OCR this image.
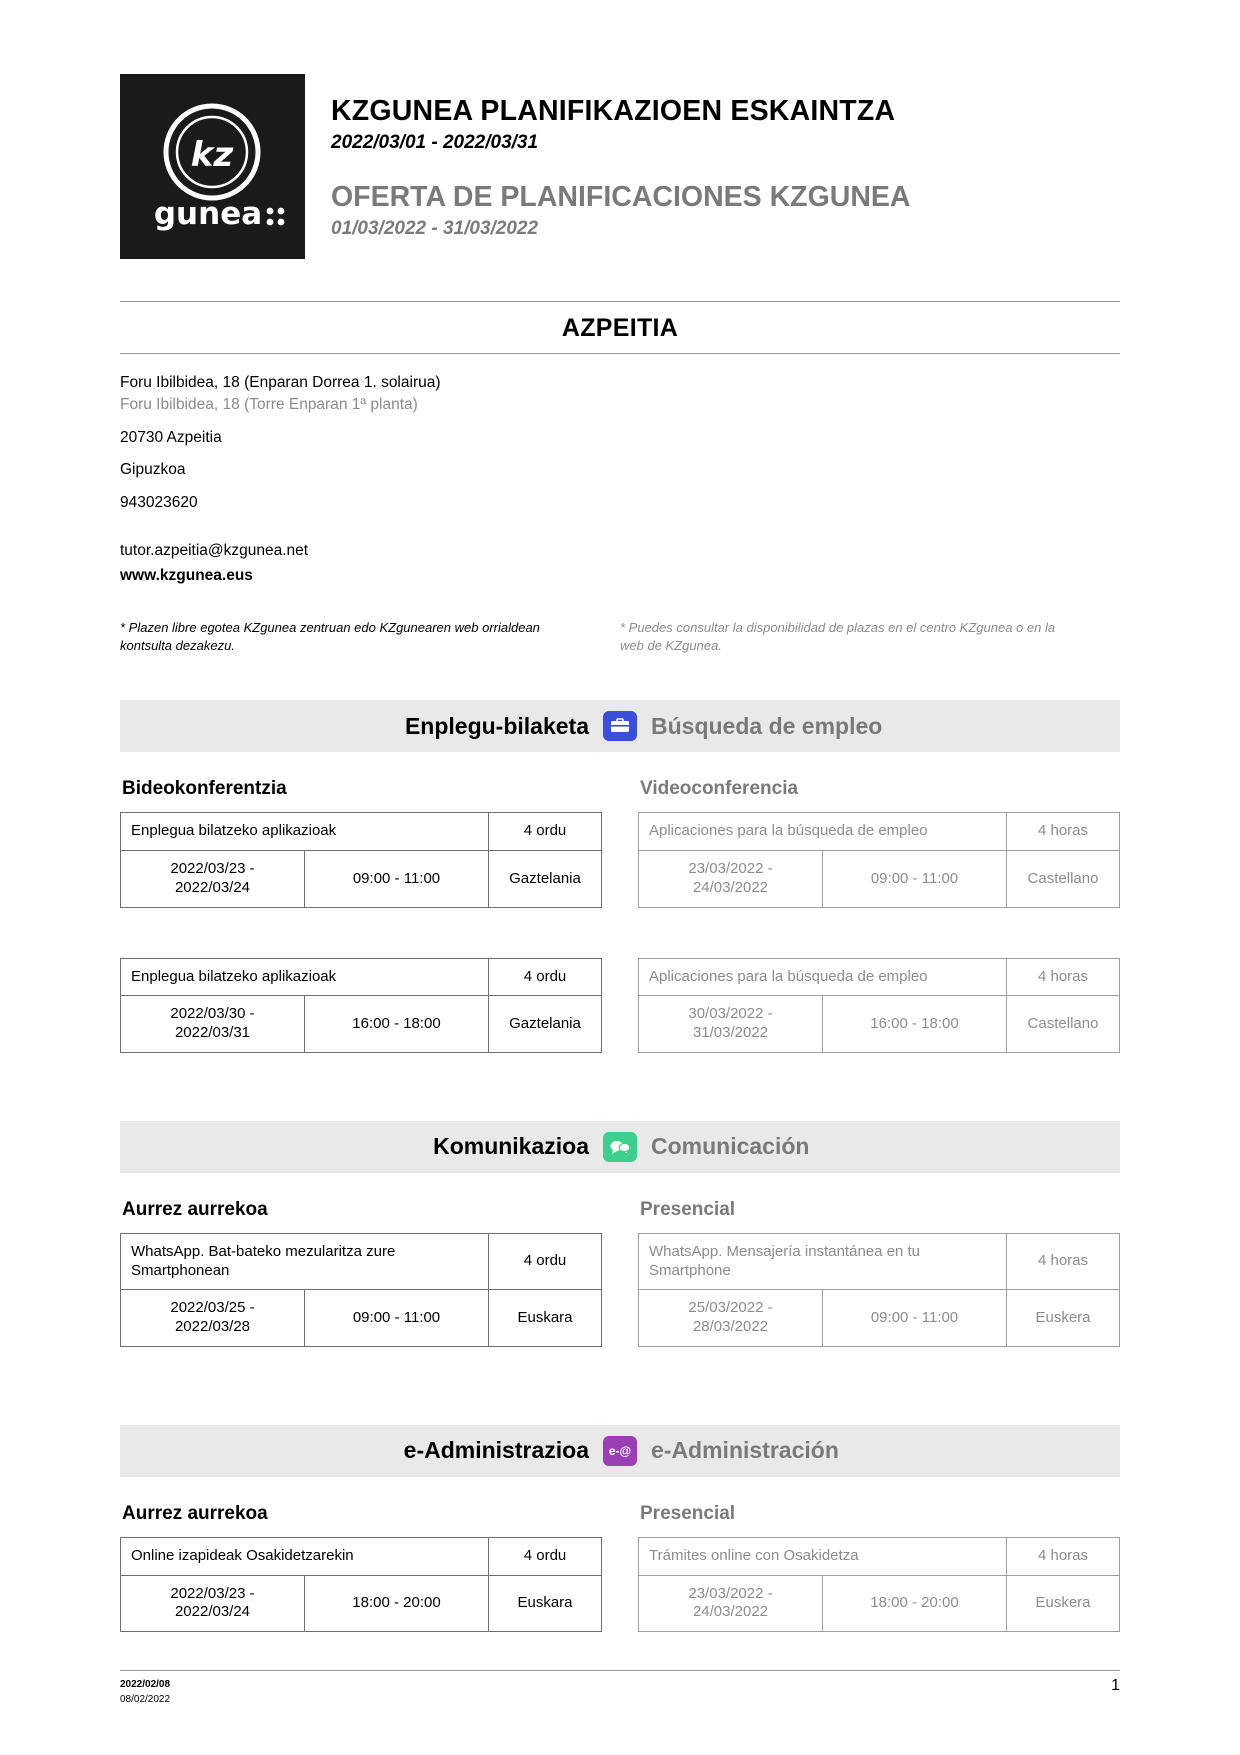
kz
gunea
KZGUNEA PLANIFIKAZIOEN ESKAINTZA
2022/03/01 - 2022/03/31
OFERTA DE PLANIFICACIONES KZGUNEA
01/03/2022 - 31/03/2022
AZPEITIA
Foru Ibilbidea, 18 (Enparan Dorrea 1. solairua)
Foru Ibilbidea, 18 (Torre Enparan 1ª planta)
20730 Azpeitia
Gipuzkoa
943023620
tutor.azpeitia@kzgunea.net
www.kzgunea.eus
* Plazen libre egotea KZgunea zentruan edo KZgunearen web orrialdean kontsulta dezakezu.
* Puedes consultar la disponibilidad de plazas en el centro KZgunea o en la web de KZgunea.
Enplegu-bilaketa	Búsqueda de empleo
Bideokonferentzia
Enplegua bilatzeko aplikazioak		4 ordu
2022/03/23 - 2022/03/24	09:00 - 11:00	Gaztelania
Enplegua bilatzeko aplikazioak		4 ordu
2022/03/30 - 2022/03/31	16:00 - 18:00	Gaztelania
Videoconferencia
Aplicaciones para la búsqueda de empleo		4 horas
23/03/2022 - 24/03/2022	09:00 - 11:00	Castellano
Aplicaciones para la búsqueda de empleo		4 horas
30/03/2022 - 31/03/2022	16:00 - 18:00	Castellano
Komunikazioa	Comunicación
Aurrez aurrekoa
WhatsApp. Bat-bateko mezularitza zure Smartphonean		4 ordu
2022/03/25 - 2022/03/28	09:00 - 11:00	Euskara
Presencial
WhatsApp. Mensajería instantánea en tu Smartphone		4 horas
25/03/2022 - 28/03/2022	09:00 - 11:00	Euskera
e-Administrazioa	e-@ e-Administración
Aurrez aurrekoa
Online izapideak Osakidetzarekin		4 ordu
2022/03/23 - 2022/03/24	18:00 - 20:00	Euskara
Presencial
Trámites online con Osakidetza		4 horas
23/03/2022 - 24/03/2022	18:00 - 20:00	Euskera
2022/02/08
08/02/2022
1
